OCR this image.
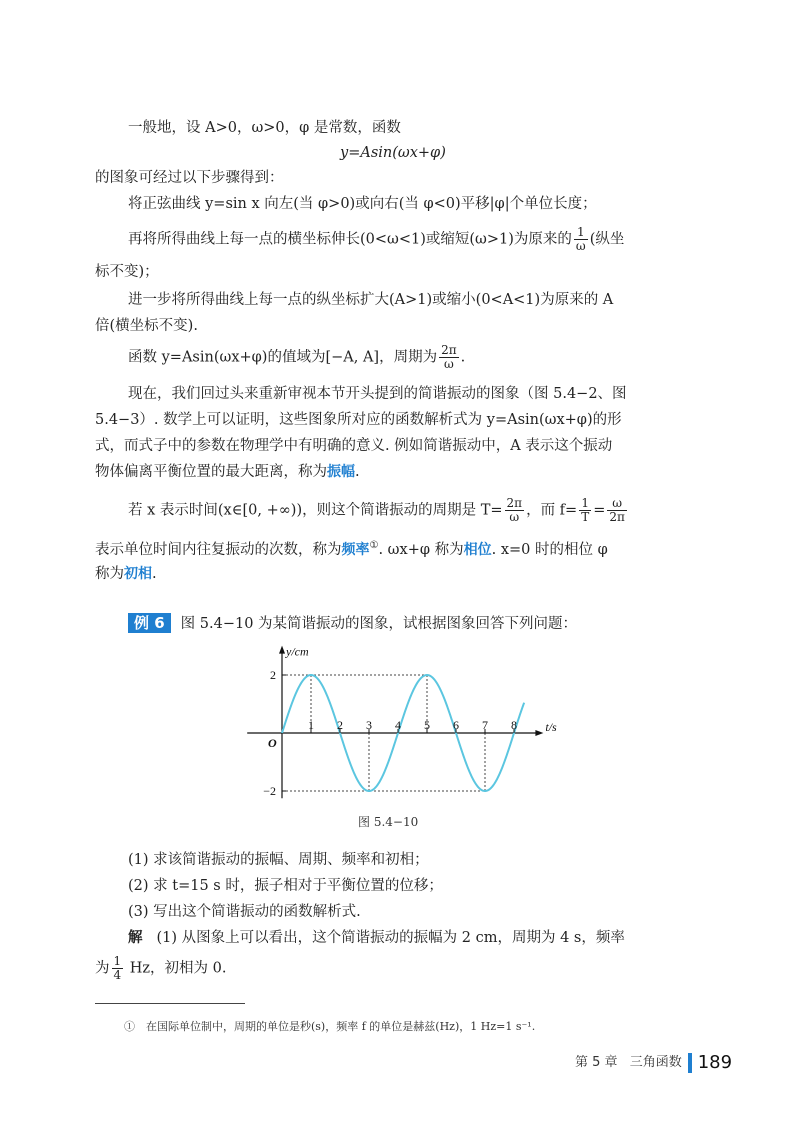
一般地，设 A>0，ω>0，φ 是常数，函数
y=Asin(ωx+φ)
的图象可经过以下步骤得到：
将正弦曲线 y=sin x 向左(当 φ>0)或向右(当 φ<0)平移|φ|个单位长度；
再将所得曲线上每一点的横坐标伸长(0<ω<1)或缩短(ω>1)为原来的 $\frac{1}{\omega}$ (纵坐
标不变)；
进一步将所得曲线上每一点的纵坐标扩大(A>1)或缩小(0<A<1)为原来的 A
倍(横坐标不变).
函数 y=Asin(ωx+φ)的值域为[−A, A]，周期为 $\frac{2\pi}{\omega}$ .
现在，我们回过头来重新审视本节开头提到的简谐振动的图象（图 5.4−2、图
5.4−3）. 数学上可以证明，这些图象所对应的函数解析式为 y=Asin(ωx+φ)的形
式，而式子中的参数在物理学中有明确的意义. 例如简谐振动中，A 表示这个振动
物体偏离平衡位置的最大距离，称为振幅.
若 x 表示时间(x∈[0, +∞))，则这个简谐振动的周期是 $T= \frac{2\pi}{\omega}$ ，而 $f= \frac{1}{T} = \frac{\omega}{2\pi}$
表示单位时间内往复振动的次数，称为频率①. ωx+φ 称为相位. x=0 时的相位 φ
称为初相.
例 6 图 5.4−10 为某简谐振动的图象，试根据图象回答下列问题：
1 2 3 4 5 6 7 8
2
−2
y/cm
t/s
O
图 5.4−10
(1) 求该简谐振动的振幅、周期、频率和初相；
(2) 求 t=15 s 时，振子相对于平衡位置的位移；
(3) 写出这个简谐振动的函数解析式.
解 (1) 从图象上可以看出，这个简谐振动的振幅为 2 cm，周期为 4 s，频率
为 $\frac{1}{4}$ Hz，初相为 0.
①　在国际单位制中，周期的单位是秒(s)，频率 f 的单位是赫兹(Hz)，1 Hz=1 s⁻¹.
第 5 章 三角函数 189
